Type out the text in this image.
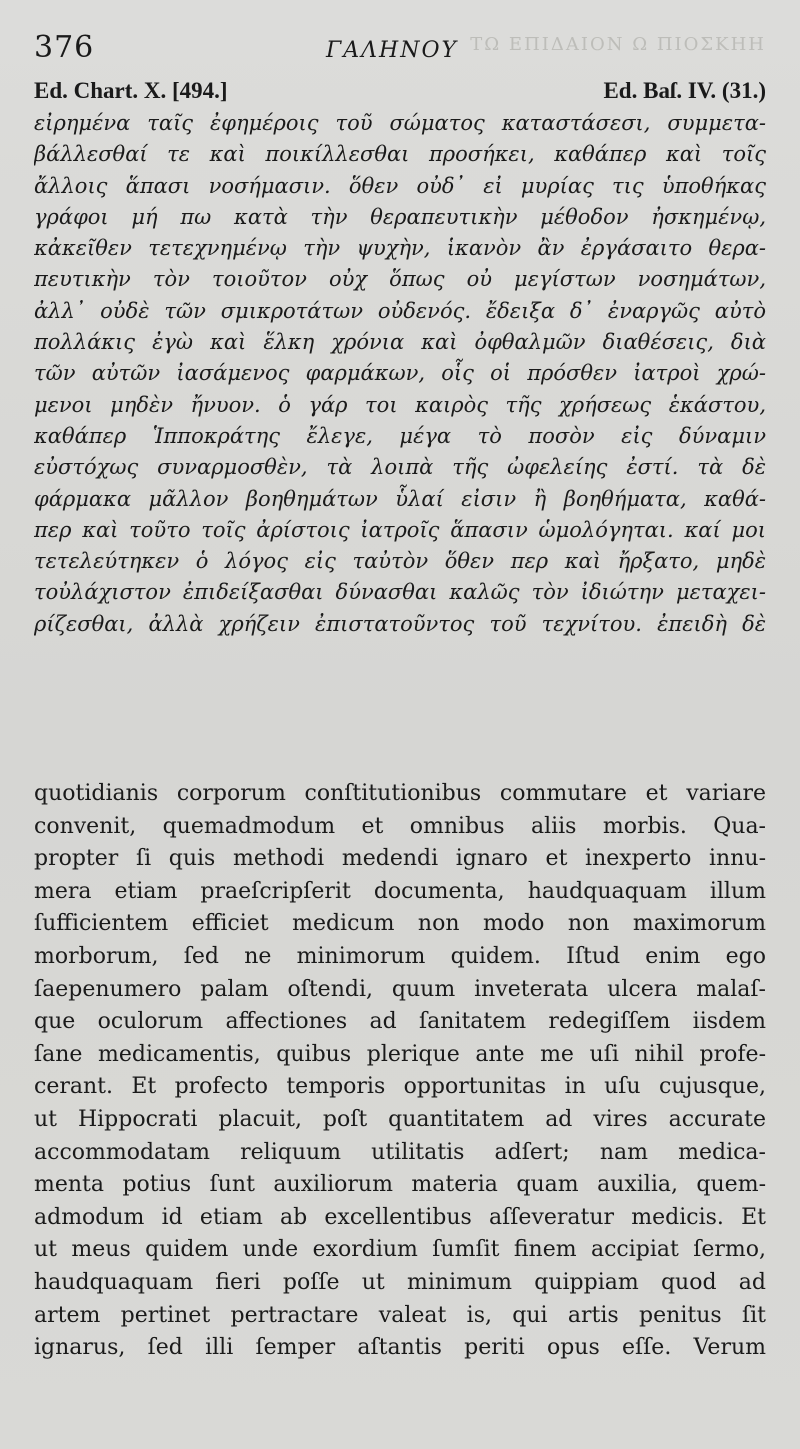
376	ΓΑΛΗΝΟΥ ΤΩ ΕΠΙΔΑΙΟΝ Ω ΠΙΟΣΚΗΗ
Ed. Chart. X. [494.]	Ed. Baſ. IV. (31.)
εἰρημένα ταῖς ἐφημέροις τοῦ σώματος καταστάσεσι, συμμετα-
βάλλεσθαί τε καὶ ποικίλλεσθαι προσήκει, καθάπερ καὶ τοῖς
ἄλλοις ἅπασι νοσήμασιν. ὅθεν οὐδ᾽ εἰ μυρίας τις ὑποθήκας
γράφοι μή πω κατὰ τὴν θεραπευτικὴν μέθοδον ἠσκημένῳ,
κἀκεῖθεν τετεχνημένῳ τὴν ψυχὴν, ἱκανὸν ἂν ἐργάσαιτο θερα-
πευτικὴν τὸν τοιοῦτον οὐχ ὅπως οὐ μεγίστων νοσημάτων,
ἀλλ᾽ οὐδὲ τῶν σμικροτάτων οὐδενός. ἔδειξα δ᾽ ἐναργῶς αὐτὸ
πολλάκις ἐγὼ καὶ ἕλκη χρόνια καὶ ὀφθαλμῶν διαθέσεις, διὰ
τῶν αὐτῶν ἰασάμενος φαρμάκων, οἷς οἱ πρόσθεν ἰατροὶ χρώ-
μενοι μηδὲν ἤνυον. ὁ γάρ τοι καιρὸς τῆς χρήσεως ἑκάστου,
καθάπερ Ἱπποκράτης ἔλεγε, μέγα τὸ ποσὸν εἰς δύναμιν
εὐστόχως συναρμοσθὲν, τὰ λοιπὰ τῆς ὠφελείης ἐστί. τὰ δὲ
φάρμακα μᾶλλον βοηθημάτων ὗλαί εἰσιν ἢ βοηθήματα, καθά-
περ καὶ τοῦτο τοῖς ἀρίστοις ἰατροῖς ἅπασιν ὡμολόγηται. καί μοι
τετελεύτηκεν ὁ λόγος εἰς ταὐτὸν ὅθεν περ καὶ ἤρξατο, μηδὲ
τοὐλάχιστον ἐπιδείξασθαι δύνασθαι καλῶς τὸν ἰδιώτην μεταχει-
ρίζεσθαι, ἀλλὰ χρήζειν ἐπιστατοῦντος τοῦ τεχνίτου. ἐπειδὴ δὲ
quotidianis corporum conſtitutionibus commutare et variare
convenit, quemadmodum et omnibus aliis morbis. Qua-
propter ſi quis methodi medendi ignaro et inexperto innu-
mera etiam praeſcripſerit documenta, haudquaquam illum
ſufficientem efficiet medicum non modo non maximorum
morborum, ſed ne minimorum quidem. Iſtud enim ego
ſaepenumero palam oſtendi, quum inveterata ulcera malaſ-
que oculorum affectiones ad ſanitatem redegiſſem iisdem
ſane medicamentis, quibus plerique ante me uſi nihil profe-
cerant. Et profecto temporis opportunitas in uſu cujusque,
ut Hippocrati placuit, poſt quantitatem ad vires accurate
accommodatam reliquum utilitatis adſert; nam medica-
menta potius ſunt auxiliorum materia quam auxilia, quem-
admodum id etiam ab excellentibus aſſeveratur medicis. Et
ut meus quidem unde exordium ſumſit finem accipiat ſermo,
haudquaquam fieri poſſe ut minimum quippiam quod ad
artem pertinet pertractare valeat is, qui artis penitus ſit
ignarus, ſed illi ſemper aſtantis periti opus eſſe. Verum
